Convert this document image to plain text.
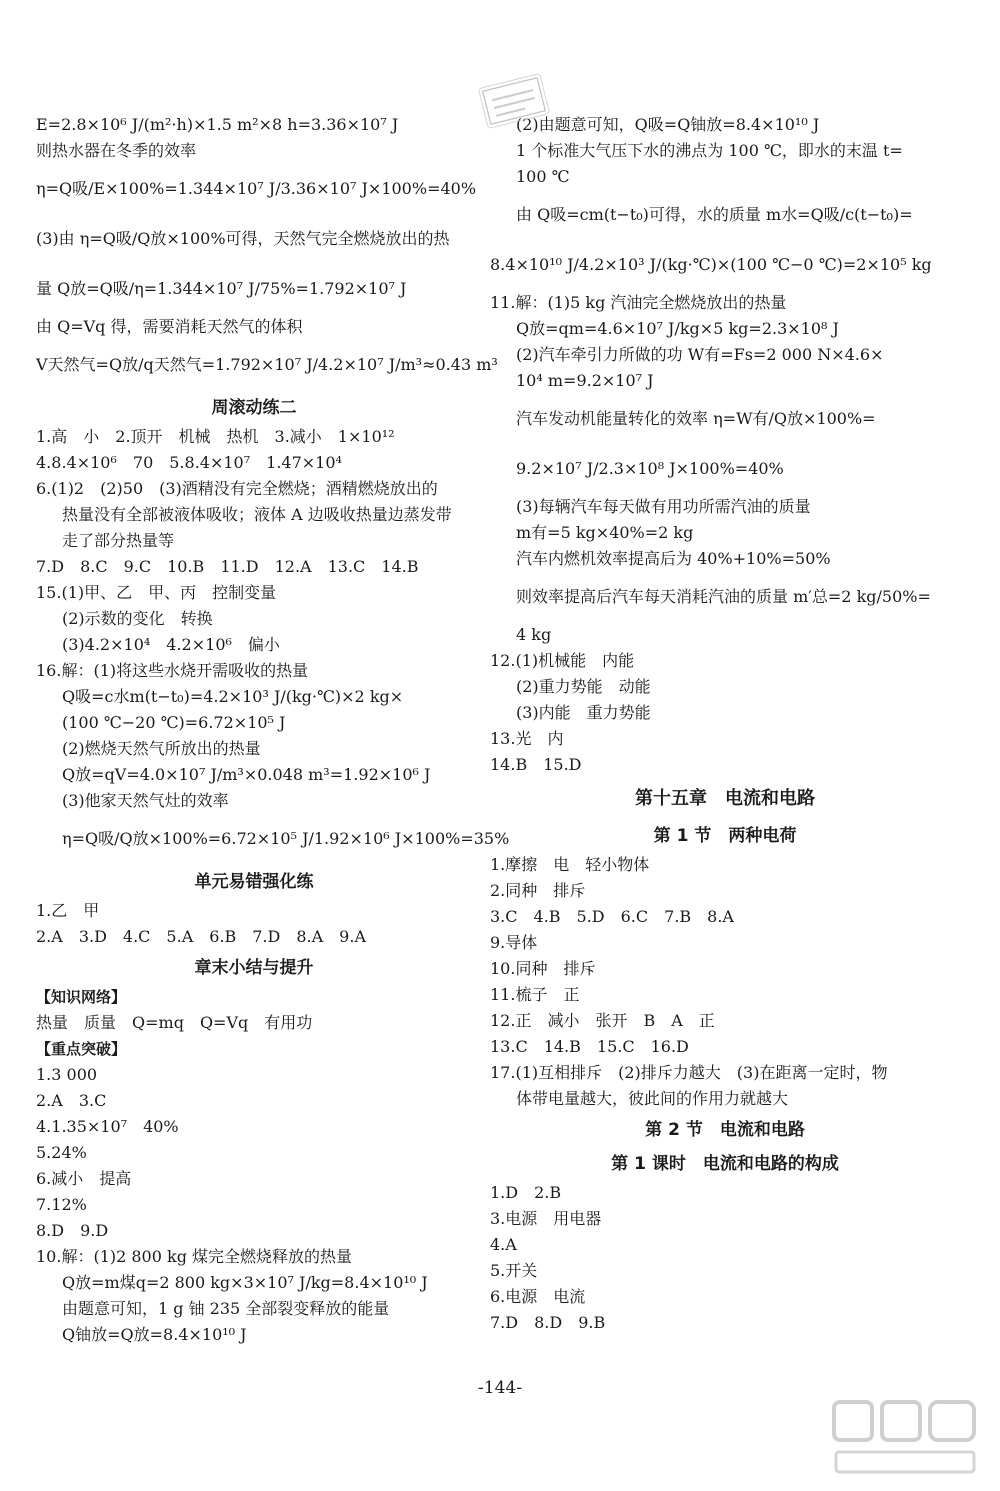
E=2.8×10⁶ J/(m²·h)×1.5 m²×8 h=3.36×10⁷ J
则热水器在冬季的效率
η=Q吸/E×100%=1.344×10⁷ J/3.36×10⁷ J×100%=40%
(3)由 η=Q吸/Q放×100%可得，天然气完全燃烧放出的热
量 Q放=Q吸/η=1.344×10⁷ J/75%=1.792×10⁷ J
由 Q=Vq 得，需要消耗天然气的体积
V天然气=Q放/q天然气=1.792×10⁷ J/4.2×10⁷ J/m³≈0.43 m³
周滚动练二
1.高　小　2.顶开　机械　热机　3.减小　1×10¹²
4.8.4×10⁶　70　5.8.4×10⁷　1.47×10⁴
6.(1)2　(2)50　(3)酒精没有完全燃烧；酒精燃烧放出的
热量没有全部被液体吸收；液体 A 边吸收热量边蒸发带
走了部分热量等
7.D　8.C　9.C　10.B　11.D　12.A　13.C　14.B
15.(1)甲、乙　甲、丙　控制变量
(2)示数的变化　转换
(3)4.2×10⁴　4.2×10⁶　偏小
16.解：(1)将这些水烧开需吸收的热量
Q吸=c水m(t−t₀)=4.2×10³ J/(kg·℃)×2 kg×
(100 ℃−20 ℃)=6.72×10⁵ J
(2)燃烧天然气所放出的热量
Q放=qV=4.0×10⁷ J/m³×0.048 m³=1.92×10⁶ J
(3)他家天然气灶的效率
η=Q吸/Q放×100%=6.72×10⁵ J/1.92×10⁶ J×100%=35%
单元易错强化练
1.乙　甲
2.A　3.D　4.C　5.A　6.B　7.D　8.A　9.A
章末小结与提升
【知识网络】
热量　质量　Q=mq　Q=Vq　有用功
【重点突破】
1.3 000
2.A　3.C
4.1.35×10⁷　40%
5.24%
6.减小　提高
7.12%
8.D　9.D
10.解：(1)2 800 kg 煤完全燃烧释放的热量
Q放=m煤q=2 800 kg×3×10⁷ J/kg=8.4×10¹⁰ J
由题意可知，1 g 铀 235 全部裂变释放的能量
Q铀放=Q放=8.4×10¹⁰ J
(2)由题意可知，Q吸=Q铀放=8.4×10¹⁰ J
1 个标准大气压下水的沸点为 100 ℃，即水的末温 t=
100 ℃
由 Q吸=cm(t−t₀)可得，水的质量 m水=Q吸/c(t−t₀)=
8.4×10¹⁰ J/4.2×10³ J/(kg·℃)×(100 ℃−0 ℃)=2×10⁵ kg
11.解：(1)5 kg 汽油完全燃烧放出的热量
Q放=qm=4.6×10⁷ J/kg×5 kg=2.3×10⁸ J
(2)汽车牵引力所做的功 W有=Fs=2 000 N×4.6×
10⁴ m=9.2×10⁷ J
汽车发动机能量转化的效率 η=W有/Q放×100%=
9.2×10⁷ J/2.3×10⁸ J×100%=40%
(3)每辆汽车每天做有用功所需汽油的质量
m有=5 kg×40%=2 kg
汽车内燃机效率提高后为 40%+10%=50%
则效率提高后汽车每天消耗汽油的质量 m′总=2 kg/50%=
4 kg
12.(1)机械能　内能
(2)重力势能　动能
(3)内能　重力势能
13.光　内
14.B　15.D
第十五章　电流和电路
第 1 节　两种电荷
1.摩擦　电　轻小物体
2.同种　排斥
3.C　4.B　5.D　6.C　7.B　8.A
9.导体
10.同种　排斥
11.梳子　正
12.正　减小　张开　B　A　正
13.C　14.B　15.C　16.D
17.(1)互相排斥　(2)排斥力越大　(3)在距离一定时，物
体带电量越大，彼此间的作用力就越大
第 2 节　电流和电路
第 1 课时　电流和电路的构成
1.D　2.B
3.电源　用电器
4.A
5.开关
6.电源　电流
7.D　8.D　9.B
-144-
